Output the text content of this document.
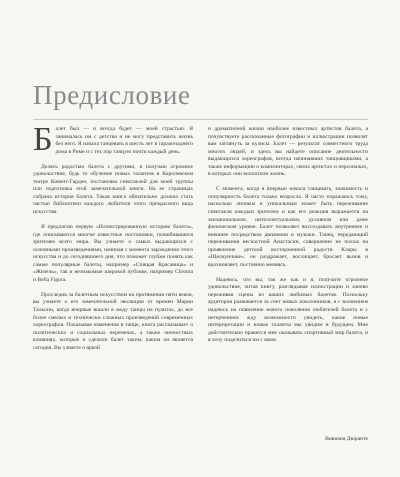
Предисловие

Балет был — и всегда будет — моей страстью. Я занималась им с детства и не могу представить жизнь без него. Я начала танцевать в шесть лет в гаражезаднего дома в Риме и с тех пор танцую почти каждый день.

Делясь радостью балета с другими, я получаю огромное удовольствие, будь то обучение новых талантов в Королевском театре Ковент-Гарден, постановка спектаклей для моей труппы или подготовка этой замечательной книги. На ее страницах собрана история балета. Такая книга обязательно должна стать частью библиотеки каждого любителя этого прекрасного вида искусства.

Я предлагаю первую «Иллюстрированную историю балета», где описываются многие известные постановки, полюбившиеся зрителям всего мира. Вы узнаете о самых выдающихся с основными произведениями, начиная с момента зарождения этого искусства и до сегодняшнего дня, что поможет глубже понять как самые популярные балеты, например «Спящая Красавица» и «Жизель», так и незнакомые широкой публике, например Chroma и Bella Figura.

Проследив за балетным искусством на протяжении пяти веков, вы узнаете о его замечательной эволюции от времен Марии Тальони, когда впервые вошли в моду танцы на пуантах, до все более смелых и технически сложных произведений современных хореографов. Показывая изменения в танце, книга рассказывает о политических и социальных переменах, а также личностных влияниях, которые и сделали балет таким, каким он является сегодня. Вы узнаете о яркой

и драматичной жизни наиболее известных артистов балета, а почувствуете рассказанные фотографии и иллюстрации позволят вам заглянуть за кулисы. Балет — результат совместного труда многих людей, и здесь вы найдете описание деятельности выдающихся хореографов, всегда начинавших танцовщиками, а также информацию о композиторах, своих артистах и персонажах, в которых они воплотили жизнь.

С момента, когда я впервые начала танцевать, значимость и популярность балета только возросла. Я часто поражаюсь тому, насколько личным и уникальным может быть переживание спектакля каждым зрителем и как его реакция выражается на эмоциональном, интеллектуальном, духовном или даже физическом уровне. Балет позволяет воссоздавать внутреннее и внешнее посредством движения и музыки. Танец, передающий переживания несчастной Анастасии, совершенно не похож на проявление детской восторженной радости Клары в «Щелкунчике»: он раздражает, восхищает, бросает вызов и вдохновляет, постоянно меняясь.

Надеюсь, что вы, так же как и я, получите огромное удовольствие, читая книгу, разглядывая иллюстрации и заново переживая сцены из ваших любимых балетов. Поскольку аудитория развивается за счет новых поклонников, я с волнением надеюсь на появление нового поколения любителей балета и с нетерпением жду возможности увидеть, какие новые интерпретации и новые таланты мы увидим в будущем. Мне действительно нравится мне оказывать спортивный мир балета, и я хочу поделиться им с вами.

Вивиана Дюранте
